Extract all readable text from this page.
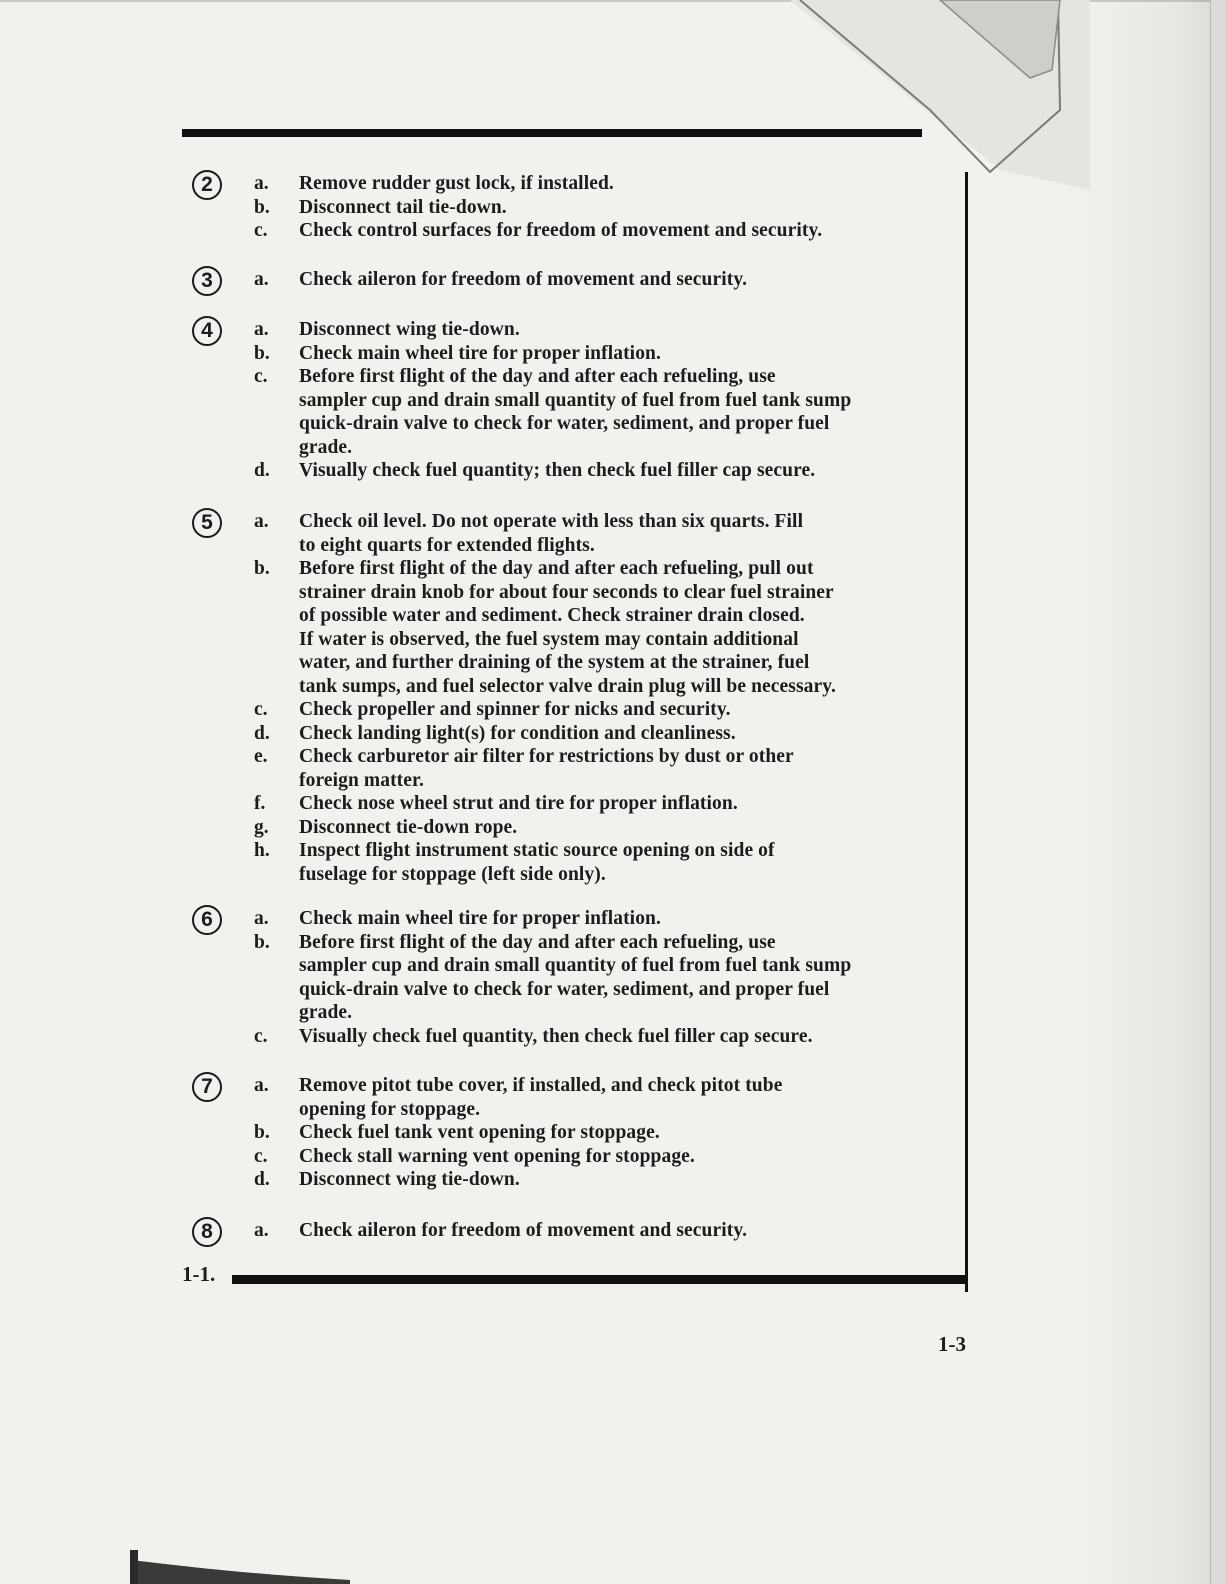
2 a.	Remove rudder gust lock, if installed.
b.	Disconnect tail tie-down.
c.	Check control surfaces for freedom of movement and security.
3 a.	Check aileron for freedom of movement and security.
4 a.	Disconnect wing tie-down.
b.	Check main wheel tire for proper inflation.
c.	Before first flight of the day and after each refueling, use
sampler cup and drain small quantity of fuel from fuel tank sump
quick-drain valve to check for water, sediment, and proper fuel
grade.
d.	Visually check fuel quantity; then check fuel filler cap secure.
5 a.	Check oil level. Do not operate with less than six quarts. Fill
to eight quarts for extended flights.
b.	Before first flight of the day and after each refueling, pull out
strainer drain knob for about four seconds to clear fuel strainer
of possible water and sediment. Check strainer drain closed.
If water is observed, the fuel system may contain additional
water, and further draining of the system at the strainer, fuel
tank sumps, and fuel selector valve drain plug will be necessary.
c.	Check propeller and spinner for nicks and security.
d.	Check landing light(s) for condition and cleanliness.
e.	Check carburetor air filter for restrictions by dust or other
foreign matter.
f.	Check nose wheel strut and tire for proper inflation.
g.	Disconnect tie-down rope.
h.	Inspect flight instrument static source opening on side of
fuselage for stoppage (left side only).
6 a.	Check main wheel tire for proper inflation.
b.	Before first flight of the day and after each refueling, use
sampler cup and drain small quantity of fuel from fuel tank sump
quick-drain valve to check for water, sediment, and proper fuel
grade.
c.	Visually check fuel quantity, then check fuel filler cap secure.
7 a.	Remove pitot tube cover, if installed, and check pitot tube
opening for stoppage.
b.	Check fuel tank vent opening for stoppage.
c.	Check stall warning vent opening for stoppage.
d.	Disconnect wing tie-down.
8 a.	Check aileron for freedom of movement and security.
1-1.
1-3
